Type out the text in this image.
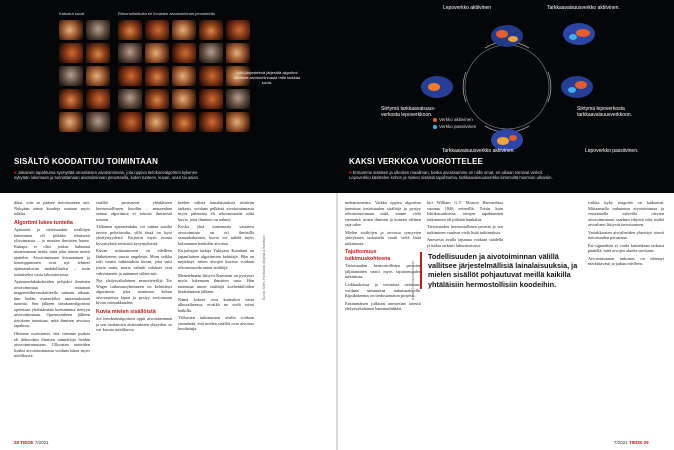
Katsotut kuvat	Rekonstruktioita eri ihmisten aivotoiminnan perusteella
Näköjärjestelmä järjestää algoritmi tulkitsee aivotoiminnasta mitä tarkkaa kuvia.
SISÄLTÖ KOODATTUU TOIMINTAAN
■ Jokainen tapahtuma synnyttää omanlaisen aivotoiminnan, jota oppiva tietokonealgoritmi kykenee
nykyään lukemaan ja tunnistamaan aivotoiminnan perusteella, kuten tunteen, kuvan, unen tai asian.
Lepoverkko aktiivinen	Tarkkaavaisuusverkko aktiivinen.
Siirtymä tarkkaavaisuusverkosta lepoverkkoon.
Siirtymä lepoverkosta tarkkaavaisuusverkkoon.
Tarkkaavaisuusverkko aktiivinen.	Lepoverkko passiivinen.
Verkko aktiivinen
Verkko passiivinen
KAKSI VERKKOA VUOROTTELEE
■ Erotamme sisäisen ja ulkoisen maailman, koska aivoissamme on niille omat, eri aikaan toimivat verkot.
Lepoverkko käsittelee kehon ja mielen sisäisiä tapahtumia, tarkkaavaisuusverkko kimmoiltä huomion ulkoisiin.

diksi, eräs se pääsee tietoisuuteen asti. Nykyään nämä koodeja osataan myös tulkita.

Algoritmi lukee tunteita

Ajatusten ja tietoisuuden sisältöjen lukeminen oli pitkään teknisesti ylivoimaista – ja monien ihmisten haave. Kukapa ei olisi joskus halunnut nimenomaan tietää, mitä joku toinen mietti ajattelee. Aivotoiminnan kuvaaminen ja koneoppiminen ovat nyt tehneet ajatustenluvun mahdolliseksi – tosin toistaiseksi vasta laboratoriossa.

Ajatustenlukukokeiden pohjaksi ihmisten aivotoimintaa mitataan magneettikuvauslaitteella samaan aikaan, kun hedän esimerkiksi tuntemuksiaan tunteita. Sen jälkeen tietokonealgoritmi opetetaan yhdistämään koetuntuma tiettyyn aivotoimintaan. Opetusvaiheen jälkeen tietokone tunnistaa, mitä ihmisen aivoissa tapahtuu.

Olemme osoittaneet, että voimme purkaa eli dekoodata ihmisen tunnetiloja heidän aivotoiminnastaan. Ulkoisten tunteiden lisäksi aivotoiminnasta voidaan lukea myös mielikuvia.

sisällöt perustuvat yhtäläiseen hermostolliseen koodiin – muutenhan samaa algoritmia ei toimisi ihmisestä toiseen.

Tällainen ajatustenluku voi tuntua uusilta tavoin pelottavalta, sillä tässä on kyse yksityisyydestä. Kirjoitin myös monia kysymyksiä eettisistä kysymyksistä.

Kuvan mittaamiseen on edelleen lääketieteen suurta ongelmia. Moni seikka toki vaatisi tutkimuksia kuvaa, joka saisi jotain uutta, mutta valmiit tulokset ovat vahvistaneet ja auttaneet siihen asti.

Nyt yhdysvaltalainen neurotieteilijä Tor Wager tutkimusryhmineen on kehittänyt algoritmin, joka tunnistaa kehon aivovasteista kipua ja pystyy arvioimaan kivun voimakkuuden.

Kuvia mielen sisällöistä

Jos tietokonealgoritmi oppii aivotoiminnan ja sen tuottamien aistimuksien yhteyden, se voi kuvata mielikuvia.

keiden välisiä lainalaisuuksia riittävän tarkasti, voidaan pelkästä aivotoiminnasta myös palauttaa eli rekonstruoida niitä kuvia, joita ihminen on nähnyt.

Koska yhtä tuntemusta vastaava aivotoiminta on eri ihmisillä samankaltainen, kuvia voi nähdä myös kolmannen henkilön aivoista.

Kirjoittajan tutkija Yukiyasu Kamitani on japanilainen algoritmien kehittäjä. Hän on näyttänyt, miten aivojen kuvista voidaan rekonstruoida unien sisältöjä.

Menetelmään liittyvä Kamitani on pystynyt myös lukemaan ihmisten unia. Hän tunnistaa unien sisältöjä koehenkilöiden herättämisen jälkeen.

Nämä kokeet ovat kuitenkin vasta alkuvaiheessa, eivätkä ne vielä toimi kaikilla.

Tällaisten tutkimusten avulla voidaan ymmärtää, että mielen sisällöt ovat aivoissa koodattuja.

mekanismeista. Vaikka oppiva algoritmi tunnistaa tietoisuuden sisältöjä ja pystyy rekonstruoimaan niitä, emme vielä ymmärrä, miten ihmisen ja koneen välinen raja tulee.

Mielen sisältöjen ja aivoissa syntyvien yhteyksien tarkastelu vaatii vielä lisää tutkimusta.

Tajuttomuus tutkimuskohteena

Tietoisuuden hermostollisten perustan jäljittäminen vaatii myös tajuttomuuden tutkimista.

Leikkauksissa ja voinnissa tietoisuus voidaan sammuttaa nukutusaineilla. Kipukokemus on tiedostamaton prosessi.

Ensimmäisen julkisen anestesian toteutti yhdysvaltalainen hammaslääkäri.

kiri William G.T. Morton Harvardissa vuonna 1846 eetterillä. Toisin kuin lehtikuvauksissa, aivojen tapahtumien tutkiminen oli pitkään hankalaa.

Tietoisuuden hermostollinen perusta ja sen tutkiminen vaativat vielä lisää tutkimuksia.

Anestesia avulla tajuntaa voidaan säädellä ja tutkia tarkasti laboratoriossa.

vaikka kyky reagoida on kadonnut. Mittaamalla nukutetun aivotoimintaa ja vertaamalla valveilla olevien aivotoimintaan, saadaan vihjeitä siitä, mitkä aivoalueet liittyvät tietoisuuteen.

Vastakkaisten aivoalueiden yhteistyö toimii tietoisuuden perustana.

Esi-signaalista ei voida kuitenkaan tarkasti päätellä, mitä aivojen alueita tarvitaan.

Aivotoiminnan tutkimus on edennyt merkittävästi ja jatkuu edelleen.

Todellisuuden ja aivotoiminnan välillä vallitsee järjestelmällisiä lainalaisuuksia, ja mielen sisällöt pohjautuvat meillä kaikilla yhtäläisiin hermostollisiin koodeihin.
Kuvat: Shen, Horikawa, Majima & Kamitani	Kuvat: Tutkimuksen kuvat
28 TIEDE 7/2021	7/2021 TIEDE 29
